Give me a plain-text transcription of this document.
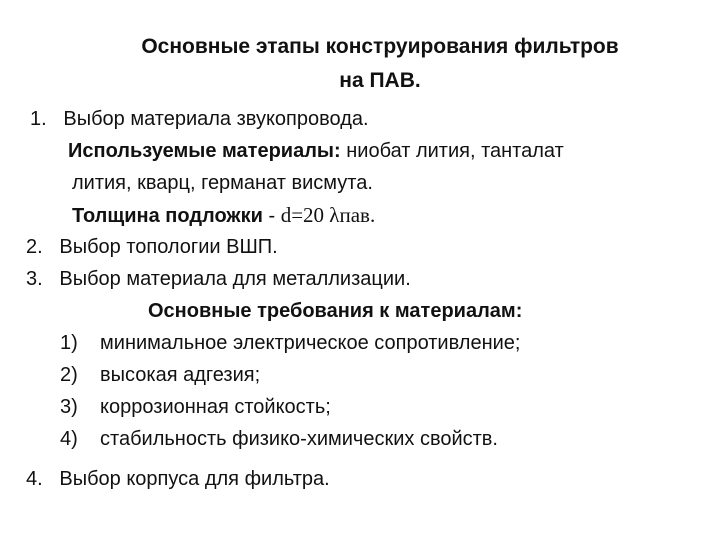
Основные этапы конструирования фильтров
на ПАВ.
1. Выбор материала звукопровода.
Используемые материалы: ниобат лития, танталат
лития, кварц, германат висмута.
Толщина подложки - d=20 λпав.
2. Выбор топологии ВШП.
3. Выбор материала для металлизации.
Основные требования к материалам:
1) минимальное электрическое сопротивление;
2) высокая адгезия;
3) коррозионная стойкость;
4) стабильность физико-химических свойств.
4. Выбор корпуса для фильтра.
